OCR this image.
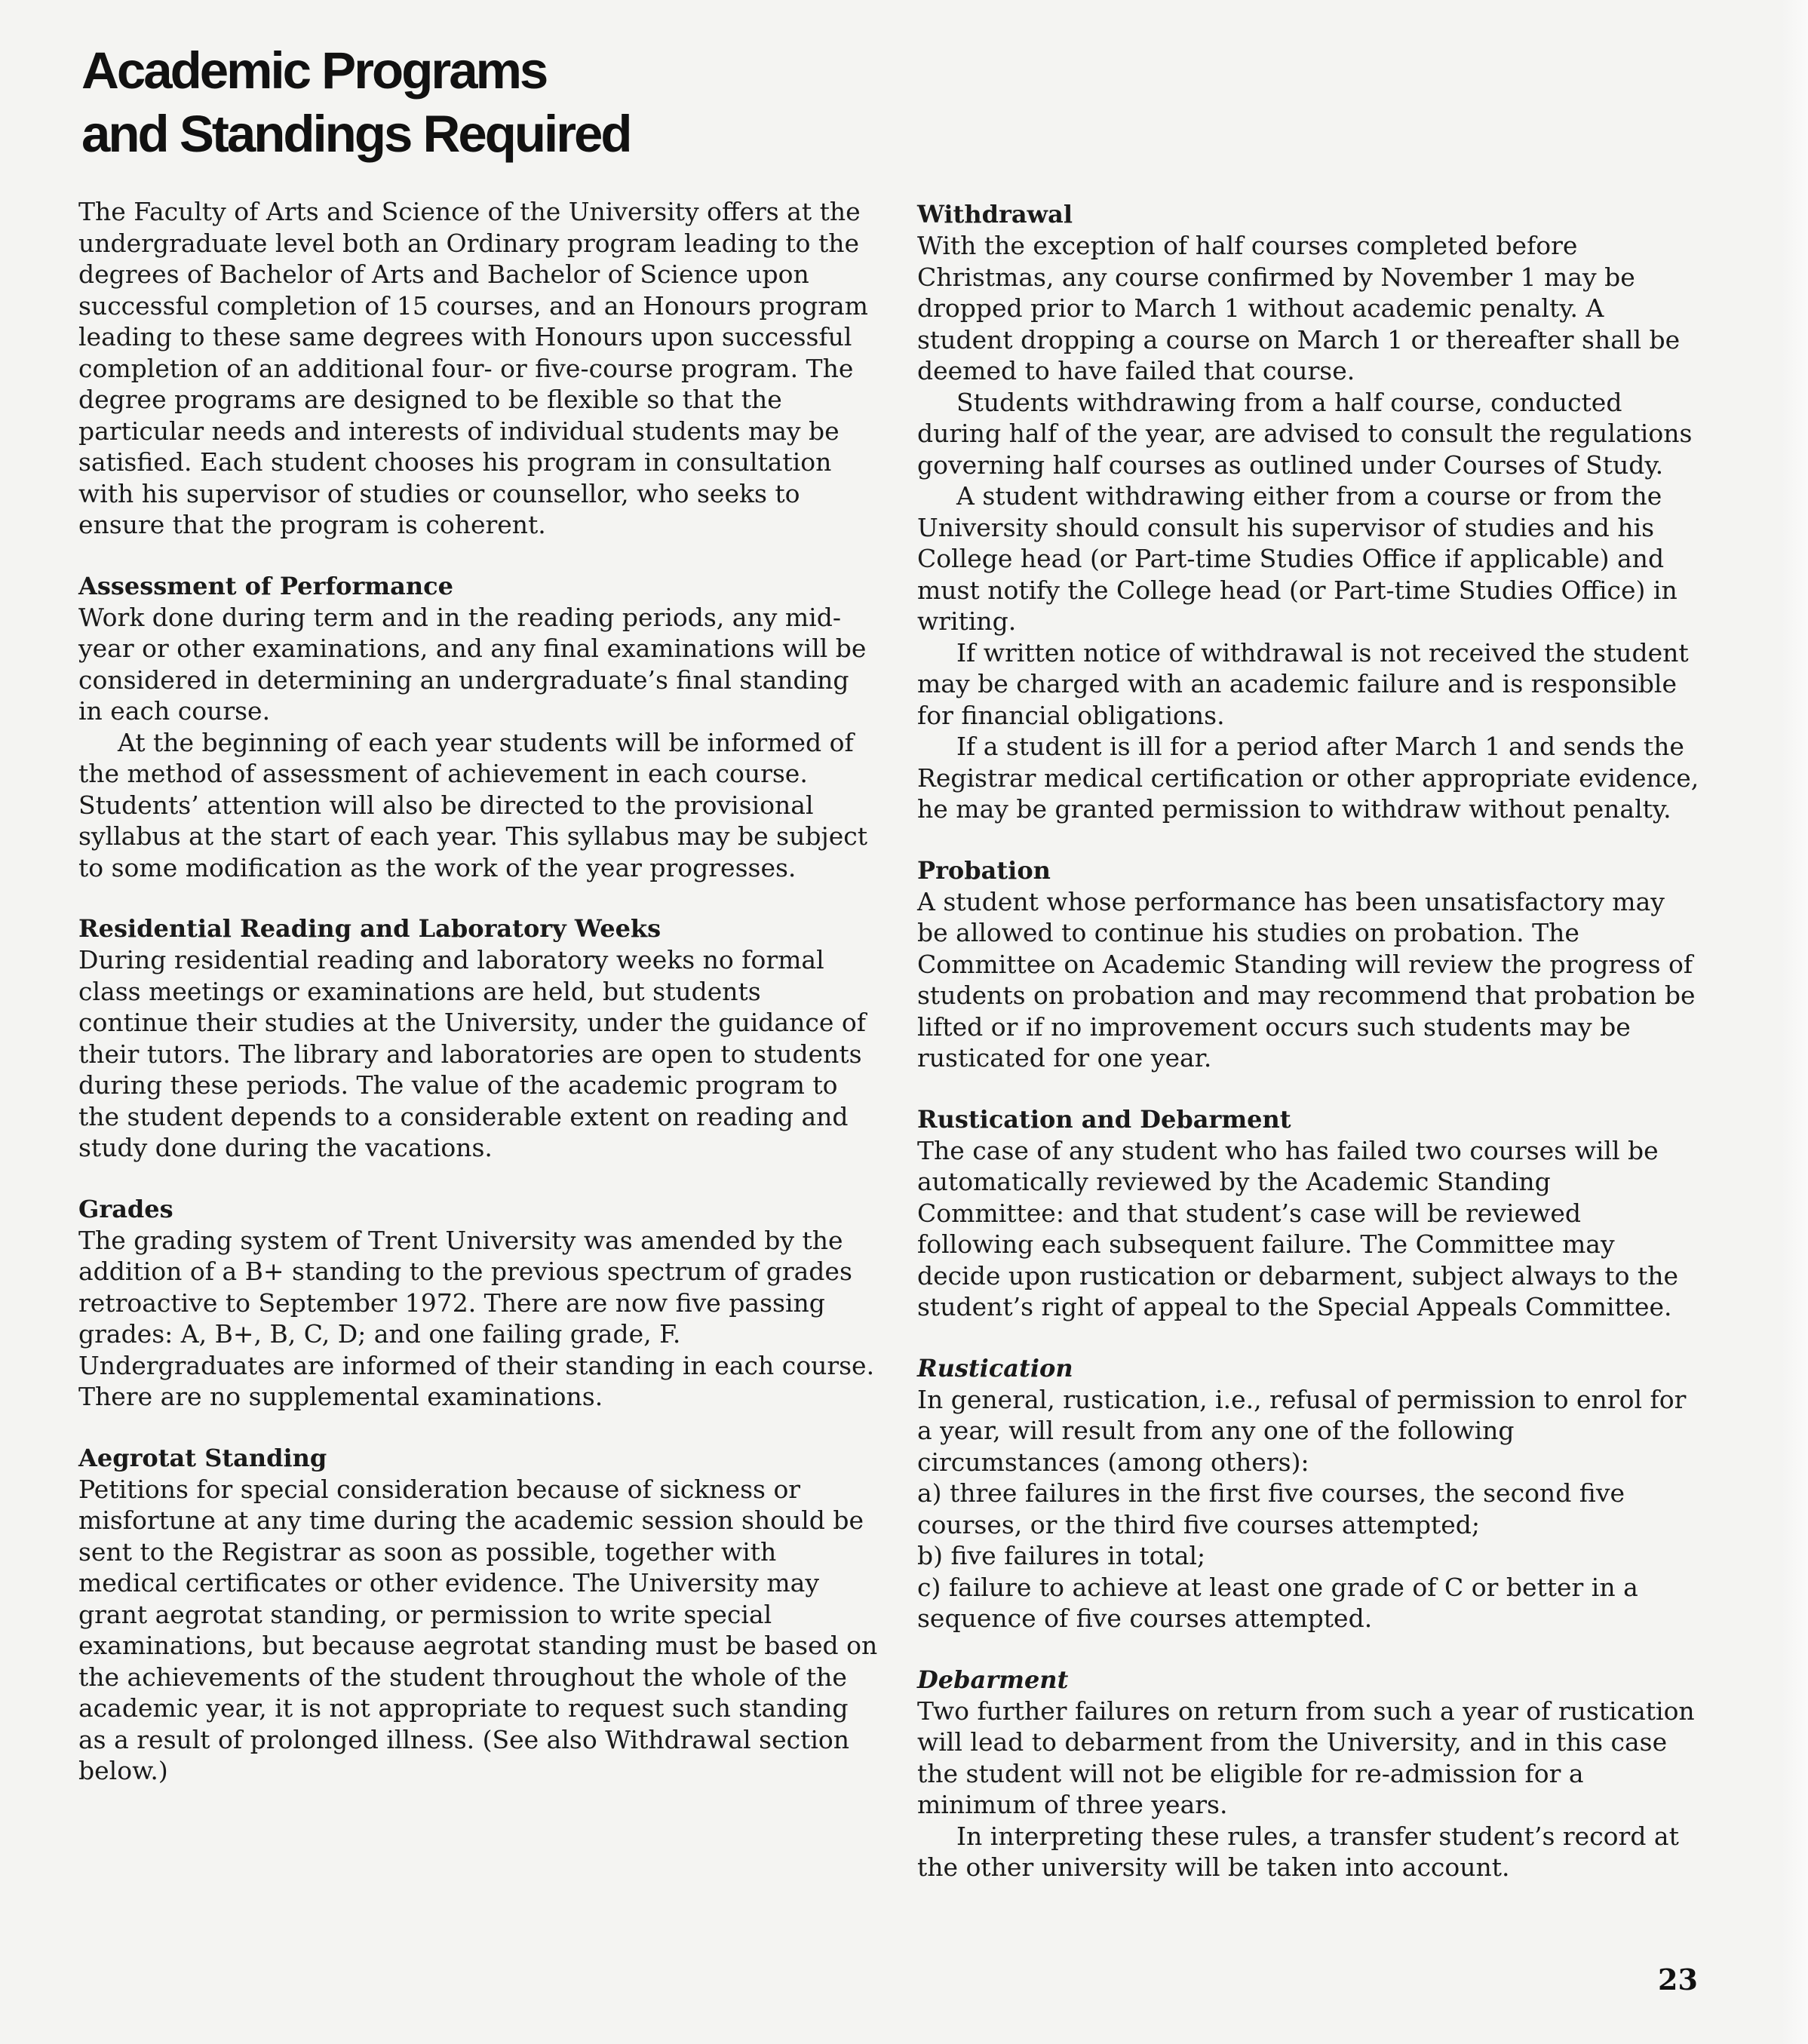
Academic Programs
and Standings Required

The Faculty of Arts and Science of the University offers at the undergraduate level both an Ordinary program leading to the degrees of Bachelor of Arts and Bachelor of Science upon successful completion of 15 courses, and an Honours program leading to these same degrees with Honours upon successful completion of an additional four- or five-course program. The degree programs are designed to be flexible so that the particular needs and interests of individual students may be satisfied. Each student chooses his program in consultation with his supervisor of studies or counsellor, who seeks to ensure that the program is coherent.

Assessment of Performance

Work done during term and in the reading periods, any mid-year or other examinations, and any final examinations will be considered in determining an undergraduate’s final standing in each course.

At the beginning of each year students will be informed of the method of assessment of achievement in each course. Students’ attention will also be directed to the provisional syllabus at the start of each year. This syllabus may be subject to some modification as the work of the year progresses.

Residential Reading and Laboratory Weeks

During residential reading and laboratory weeks no formal class meetings or examinations are held, but students continue their studies at the University, under the guidance of their tutors. The library and laboratories are open to students during these periods. The value of the academic program to the student depends to a considerable extent on reading and study done during the vacations.

Grades

The grading system of Trent University was amended by the addition of a B+ standing to the previous spectrum of grades retroactive to September 1972. There are now five passing grades: A, B+, B, C, D; and one failing grade, F. Undergraduates are informed of their standing in each course. There are no supplemental examinations.

Aegrotat Standing

Petitions for special consideration because of sickness or misfortune at any time during the academic session should be sent to the Registrar as soon as possible, together with medical certificates or other evidence. The University may grant aegrotat standing, or permission to write special examinations, but because aegrotat standing must be based on the achievements of the student throughout the whole of the academic year, it is not appropriate to request such standing as a result of prolonged illness. (See also Withdrawal section below.)

Withdrawal

With the exception of half courses completed before Christmas, any course confirmed by November 1 may be dropped prior to March 1 without academic penalty. A student dropping a course on March 1 or thereafter shall be deemed to have failed that course.

Students withdrawing from a half course, conducted during half of the year, are advised to consult the regulations governing half courses as outlined under Courses of Study.

A student withdrawing either from a course or from the University should consult his supervisor of studies and his College head (or Part-time Studies Office if applicable) and must notify the College head (or Part-time Studies Office) in writing.

If written notice of withdrawal is not received the student may be charged with an academic failure and is responsible for financial obligations.

If a student is ill for a period after March 1 and sends the Registrar medical certification or other appropriate evidence, he may be granted permission to withdraw without penalty.

Probation

A student whose performance has been unsatisfactory may be allowed to continue his studies on probation. The Committee on Academic Standing will review the progress of students on probation and may recommend that probation be lifted or if no improvement occurs such students may be rusticated for one year.

Rustication and Debarment

The case of any student who has failed two courses will be automatically reviewed by the Academic Standing Committee: and that student’s case will be reviewed following each subsequent failure. The Committee may decide upon rustication or debarment, subject always to the student’s right of appeal to the Special Appeals Committee.

Rustication

In general, rustication, i.e., refusal of permission to enrol for a year, will result from any one of the following circumstances (among others):

a) three failures in the first five courses, the second five courses, or the third five courses attempted;

b) five failures in total;

c) failure to achieve at least one grade of C or better in a sequence of five courses attempted.

Debarment

Two further failures on return from such a year of rustication will lead to debarment from the University, and in this case the student will not be eligible for re-admission for a minimum of three years.

In interpreting these rules, a transfer student’s record at the other university will be taken into account.

23
